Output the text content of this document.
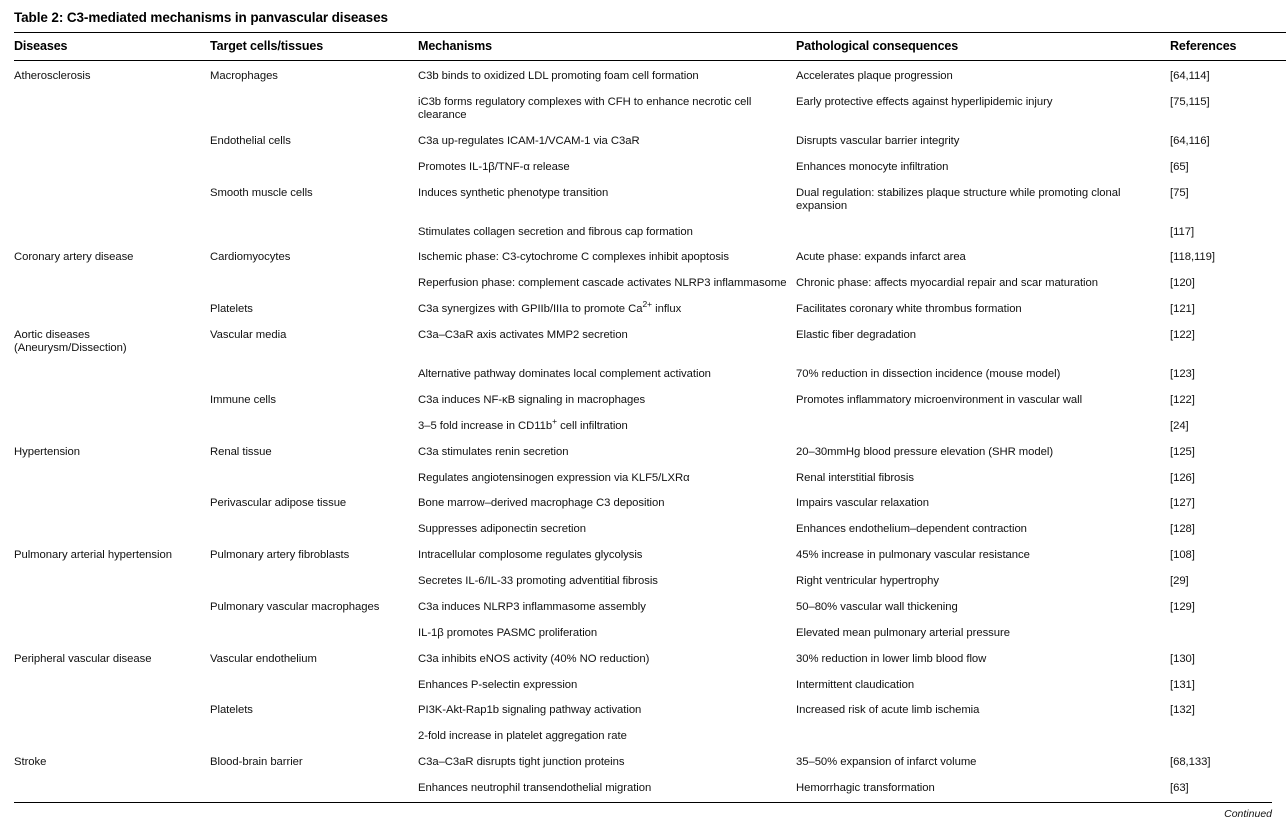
Table 2: C3-mediated mechanisms in panvascular diseases
Diseases	Target cells/tissues	Mechanisms	Pathological consequences	References
Atherosclerosis	Macrophages	C3b binds to oxidized LDL promoting foam cell formation	Accelerates plaque progression	[64,114]
		iC3b forms regulatory complexes with CFH to enhance necrotic cell clearance	Early protective effects against hyperlipidemic injury	[75,115]
	Endothelial cells	C3a up-regulates ICAM-1/VCAM-1 via C3aR	Disrupts vascular barrier integrity	[64,116]
		Promotes IL-1β/TNF-α release	Enhances monocyte infiltration	[65]
	Smooth muscle cells	Induces synthetic phenotype transition	Dual regulation: stabilizes plaque structure while promoting clonal expansion	[75]
		Stimulates collagen secretion and fibrous cap formation		[117]
Coronary artery disease	Cardiomyocytes	Ischemic phase: C3-cytochrome C complexes inhibit apoptosis	Acute phase: expands infarct area	[118,119]
		Reperfusion phase: complement cascade activates NLRP3 inflammasome	Chronic phase: affects myocardial repair and scar maturation	[120]
	Platelets	C3a synergizes with GPIIb/IIIa to promote $Ca^{2+}$ influx	Facilitates coronary white thrombus formation	[121]
Aortic diseases (Aneurysm/Dissection)	Vascular media	C3a–C3aR axis activates MMP2 secretion	Elastic fiber degradation	[122]
		Alternative pathway dominates local complement activation	70% reduction in dissection incidence (mouse model)	[123]
	Immune cells	C3a induces NF-κB signaling in macrophages	Promotes inflammatory microenvironment in vascular wall	[122]
		3–5 fold increase in CD11b+ cell infiltration		[24]
Hypertension	Renal tissue	C3a stimulates renin secretion	20–30mmHg blood pressure elevation (SHR model)	[125]
		Regulates angiotensinogen expression via KLF5/LXRα	Renal interstitial fibrosis	[126]
	Perivascular adipose tissue	Bone marrow–derived macrophage C3 deposition	Impairs vascular relaxation	[127]
		Suppresses adiponectin secretion	Enhances endothelium–dependent contraction	[128]
Pulmonary arterial hypertension	Pulmonary artery fibroblasts	Intracellular complosome regulates glycolysis	45% increase in pulmonary vascular resistance	[108]
		Secretes IL-6/IL-33 promoting adventitial fibrosis	Right ventricular hypertrophy	[29]
	Pulmonary vascular macrophages	C3a induces NLRP3 inflammasome assembly	50–80% vascular wall thickening	[129]
		IL-1β promotes PASMC proliferation	Elevated mean pulmonary arterial pressure	
Peripheral vascular disease	Vascular endothelium	C3a inhibits eNOS activity (40% NO reduction)	30% reduction in lower limb blood flow	[130]
		Enhances P-selectin expression	Intermittent claudication	[131]
	Platelets	PI3K-Akt-Rap1b signaling pathway activation	Increased risk of acute limb ischemia	[132]
		2-fold increase in platelet aggregation rate		
Stroke	Blood-brain barrier	C3a–C3aR disrupts tight junction proteins	35–50% expansion of infarct volume	[68,133]
		Enhances neutrophil transendothelial migration	Hemorrhagic transformation	[63]
Continued
